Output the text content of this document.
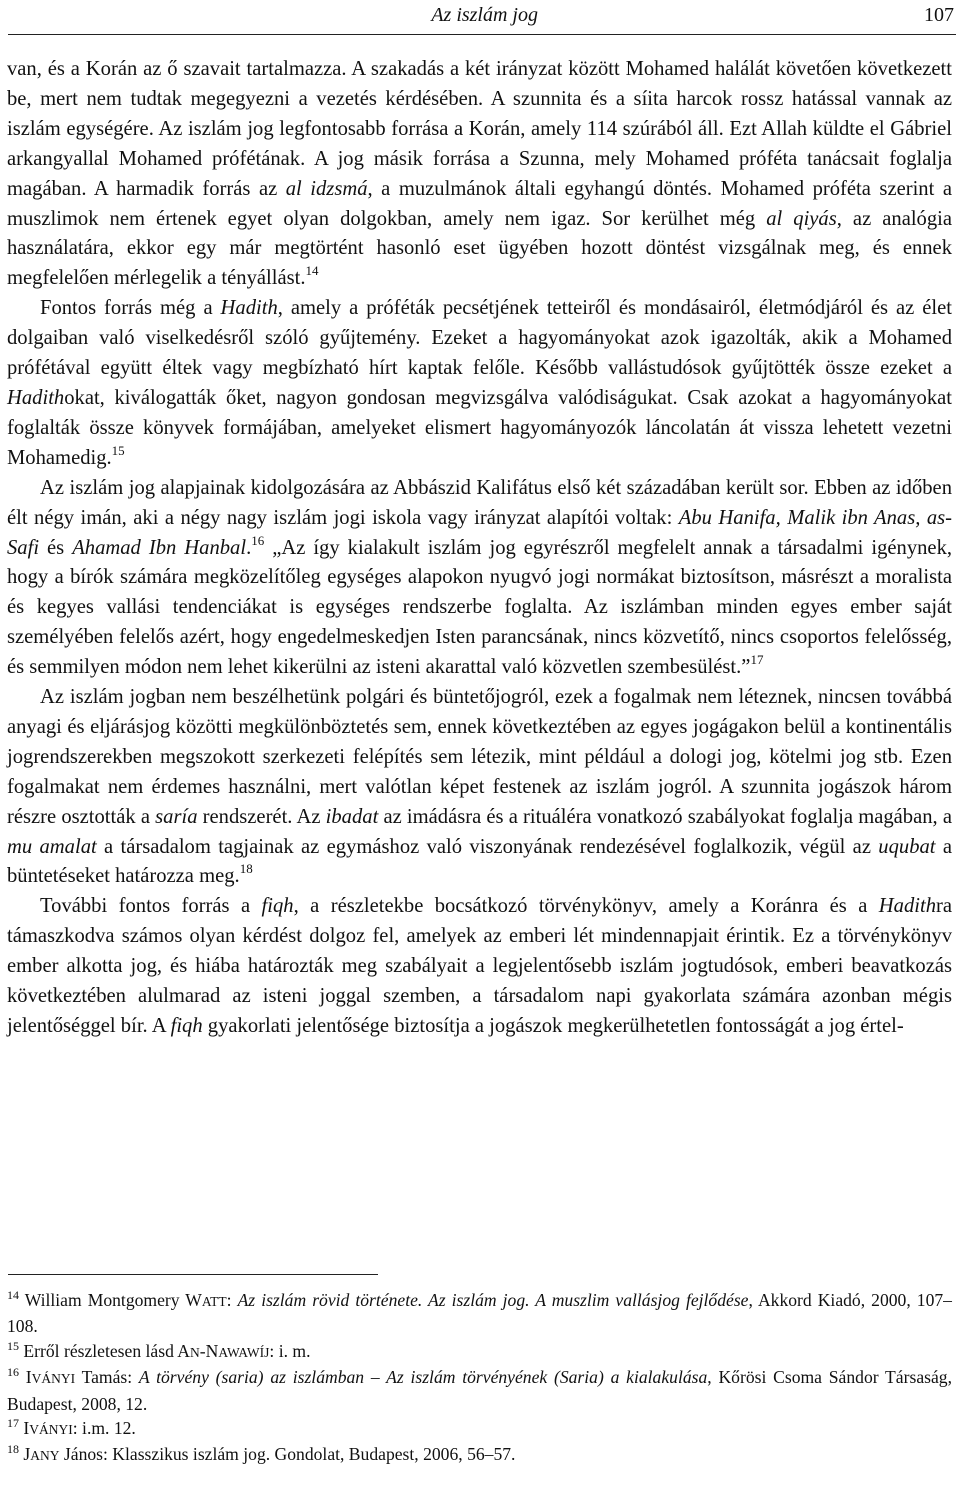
Az iszlám jog	107

van, és a Korán az ő szavait tartalmazza. A szakadás a két irányzat között Mohamed halálát követően következett be, mert nem tudtak megegyezni a vezetés kérdésében. A szunnita és a síita harcok rossz hatással vannak az iszlám egységére. Az iszlám jog legfontosabb forrása a Korán, amely 114 szúrából áll. Ezt Allah küldte el Gábriel arkangyallal Mohamed prófétának. A jog másik forrása a Szunna, mely Mohamed próféta tanácsait foglalja magában. A harmadik forrás az al idzsmá, a muzulmánok általi egyhangú döntés. Mohamed próféta szerint a muszlimok nem értenek egyet olyan dolgokban, amely nem igaz. Sor kerülhet még al qiyás, az analógia használatára, ekkor egy már megtörtént hasonló eset ügyében hozott döntést vizsgálnak meg, és ennek megfelelően mérlegelik a tényállást.$^{14}$

Fontos forrás még a Hadith, amely a próféták pecsétjének tetteiről és mondásairól, életmódjáról és az élet dolgaiban való viselkedésről szóló gyűjtemény. Ezeket a hagyományokat azok igazolták, akik a Mohamed prófétával együtt éltek vagy megbízható hírt kaptak felőle. Később vallástudósok gyűjtötték össze ezeket a Hadithokat, kiválogatták őket, nagyon gondosan megvizsgálva valódiságukat. Csak azokat a hagyományokat foglalták össze könyvek formájában, amelyeket elismert hagyományozók láncolatán át vissza lehetett vezetni Mohamedig.$^{15}$

Az iszlám jog alapjainak kidolgozására az Abbászid Kalifátus első két századában került sor. Ebben az időben élt négy imán, aki a négy nagy iszlám jogi iskola vagy irányzat alapítói voltak: Abu Hanifa, Malik ibn Anas, as-Safi és Ahamad Ibn Hanbal.$^{16}$ „Az így kialakult iszlám jog egyrészről megfelelt annak a társadalmi igénynek, hogy a bírók számára megközelítőleg egységes alapokon nyugvó jogi normákat biztosítson, másrészt a moralista és kegyes vallási tendenciákat is egységes rendszerbe foglalta. Az iszlámban minden egyes ember saját személyében felelős azért, hogy engedelmeskedjen Isten parancsának, nincs közvetítő, nincs csoportos felelősség, és semmilyen módon nem lehet kikerülni az isteni akarattal való közvetlen szembesülést.”$^{17}$

Az iszlám jogban nem beszélhetünk polgári és büntetőjogról, ezek a fogalmak nem léteznek, nincsen továbbá anyagi és eljárásjog közötti megkülönböztetés sem, ennek következtében az egyes jogágakon belül a kontinentális jogrendszerekben megszokott szerkezeti felépítés sem létezik, mint például a dologi jog, kötelmi jog stb. Ezen fogalmakat nem érdemes használni, mert valótlan képet festenek az iszlám jogról. A szunnita jogászok három részre osztották a saría rendszerét. Az ibadat az imádásra és a rituáléra vonatkozó szabályokat foglalja magában, a mu amalat a társadalom tagjainak az egymáshoz való viszonyának rendezésével foglalkozik, végül az uqubat a büntetéseket határozza meg.$^{18}$

További fontos forrás a fiqh, a részletekbe bocsátkozó törvénykönyv, amely a Koránra és a Hadithra támaszkodva számos olyan kérdést dolgoz fel, amelyek az emberi lét mindennapjait érintik. Ez a törvénykönyv ember alkotta jog, és hiába határozták meg szabályait a legjelentősebb iszlám jogtudósok, emberi beavatkozás következtében alulmarad az isteni joggal szemben, a társadalom napi gyakorlata számára azonban mégis jelentőséggel bír. A fiqh gyakorlati jelentősége biztosítja a jogászok megkerülhetetlen fontosságát a jog értel-

$^{14}$ William Montgomery WATT: Az iszlám rövid története. Az iszlám jog. A muszlim vallásjog fejlődése, Akkord Kiadó, 2000, 107–108.

$^{15}$ Erről részletesen lásd AN-NAWAWÍJ: i. m.

$^{16}$ IVÁNYI Tamás: A törvény (saria) az iszlámban – Az iszlám törvényének (Saria) a kialakulása, Kőrösi Csoma Sándor Társaság, Budapest, 2008, 12.

$^{17}$ IVÁNYI: i.m. 12.

$^{18}$ JANY János: Klasszikus iszlám jog. Gondolat, Budapest, 2006, 56–57.
